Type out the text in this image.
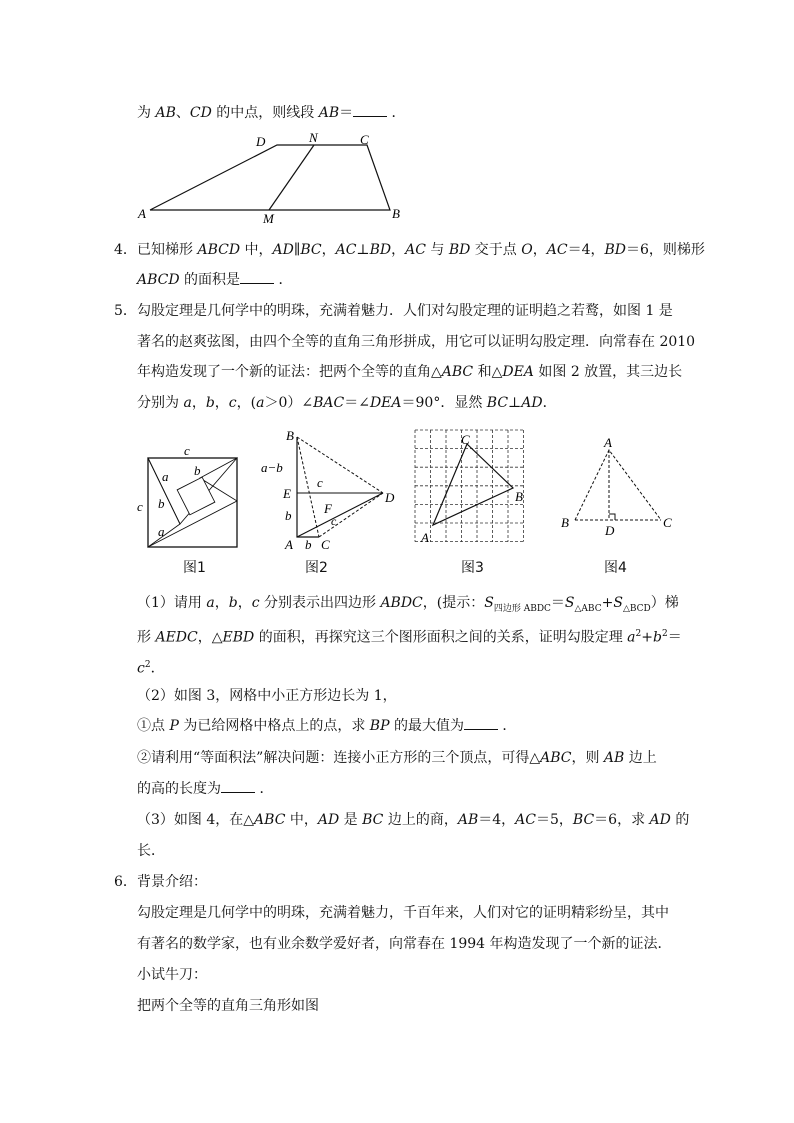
为 AB、CD 的中点，则线段 AB＝ ．
D	N	C
A	M	B
4． 已知梯形 ABCD 中，AD∥BC，AC⊥BD，AC 与 BD 交于点 O，AC＝4，BD＝6，则梯形
ABCD 的面积是 ．
5． 勾股定理是几何学中的明珠，充满着魅力．人们对勾股定理的证明趋之若鹜，如图 1 是
著名的赵爽弦图，由四个全等的直角三角形拼成，用它可以证明勾股定理．向常春在 2010
年构造发现了一个新的证法：把两个全等的直角△ABC 和△DEA 如图 2 放置，其三边长
分别为 a，b，c，(a＞0）∠BAC＝∠DEA＝90°．显然 BC⊥AD．
c
a b
c b
a
B
a−b
E
b
A b C
F
c
c
D
C
B
A
A
B
D
C
图1	图2	图3	图4
（1）请用 a，b，c 分别表示出四边形 ABDC，(提示：$S_{四边形 ABDC}=S_{\triangle ABC}+S_{\triangle BCD}$）梯
形 AEDC，△EBD 的面积，再探究这三个图形面积之间的关系，证明勾股定理 $a^2+b^2=$
$c^2$．
（2）如图 3，网格中小正方形边长为 1，
①点 P 为已给网格中格点上的点，求 BP 的最大值为 ．
②请利用“等面积法”解决问题：连接小正方形的三个顶点，可得△ABC，则 AB 边上
的高的长度为 ．
（3）如图 4，在△ABC 中，AD 是 BC 边上的商，AB＝4，AC＝5，BC＝6，求 AD 的
长．
6． 背景介绍：
勾股定理是几何学中的明珠，充满着魅力，千百年来，人们对它的证明精彩纷呈，其中
有著名的数学家，也有业余数学爱好者，向常春在 1994 年构造发现了一个新的证法．
小试牛刀：
把两个全等的直角三角形如图
